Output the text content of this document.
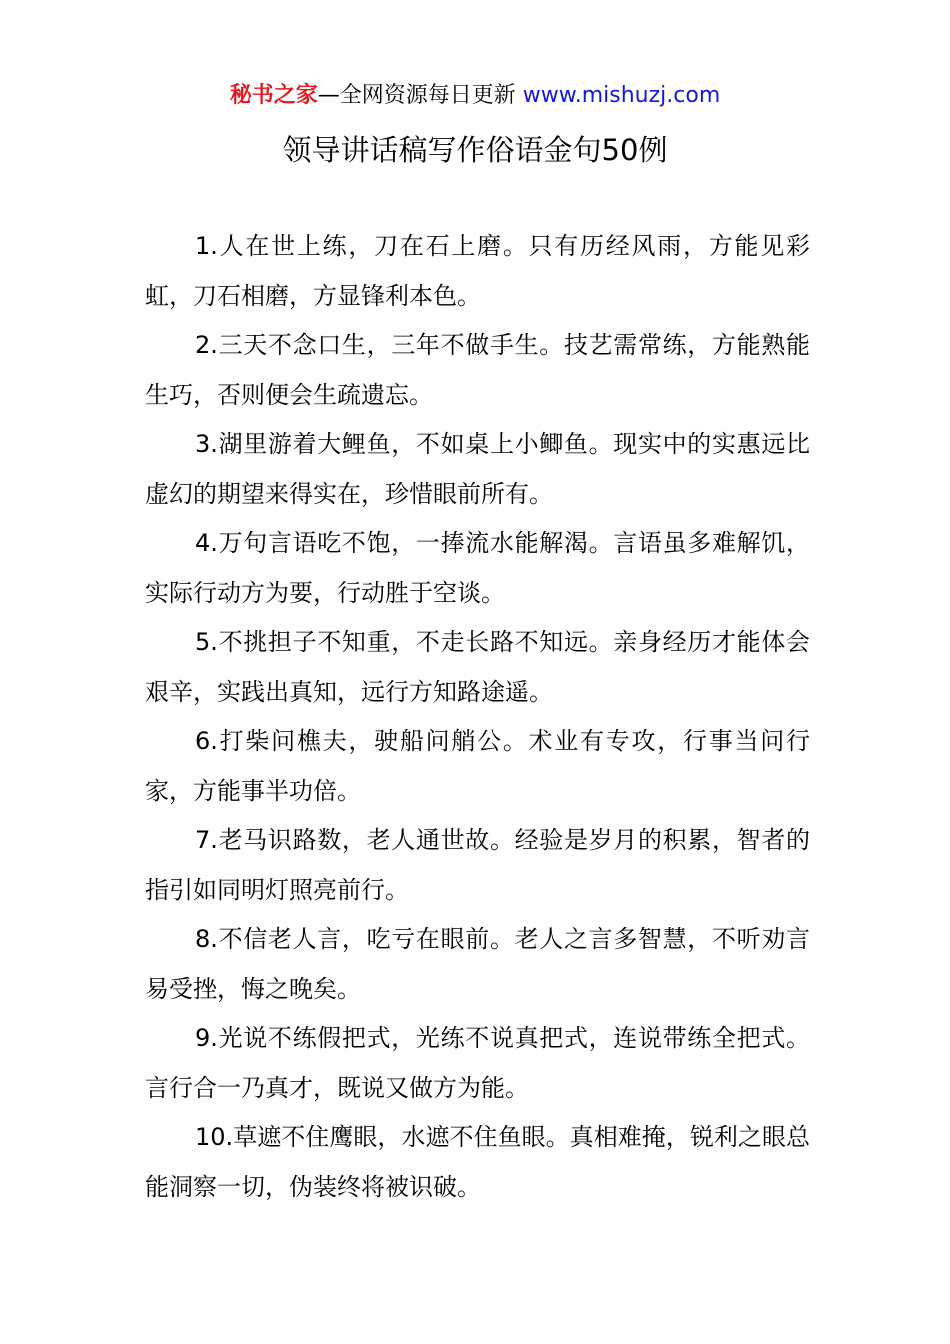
秘书之家—全网资源每日更新 www.mishuzj.com
领导讲话稿写作俗语金句50例

1.人在世上练，刀在石上磨。只有历经风雨，方能见彩虹，刀石相磨，方显锋利本色。

2.三天不念口生，三年不做手生。技艺需常练，方能熟能生巧，否则便会生疏遗忘。

3.湖里游着大鲤鱼，不如桌上小鲫鱼。现实中的实惠远比虚幻的期望来得实在，珍惜眼前所有。

4.万句言语吃不饱，一捧流水能解渴。言语虽多难解饥，实际行动方为要，行动胜于空谈。

5.不挑担子不知重，不走长路不知远。亲身经历才能体会艰辛，实践出真知，远行方知路途遥。

6.打柴问樵夫，驶船问艄公。术业有专攻，行事当问行家，方能事半功倍。

7.老马识路数，老人通世故。经验是岁月的积累，智者的指引如同明灯照亮前行。

8.不信老人言，吃亏在眼前。老人之言多智慧，不听劝言易受挫，悔之晚矣。

9.光说不练假把式，光练不说真把式，连说带练全把式。言行合一乃真才，既说又做方为能。

10.草遮不住鹰眼，水遮不住鱼眼。真相难掩，锐利之眼总能洞察一切，伪装终将被识破。
